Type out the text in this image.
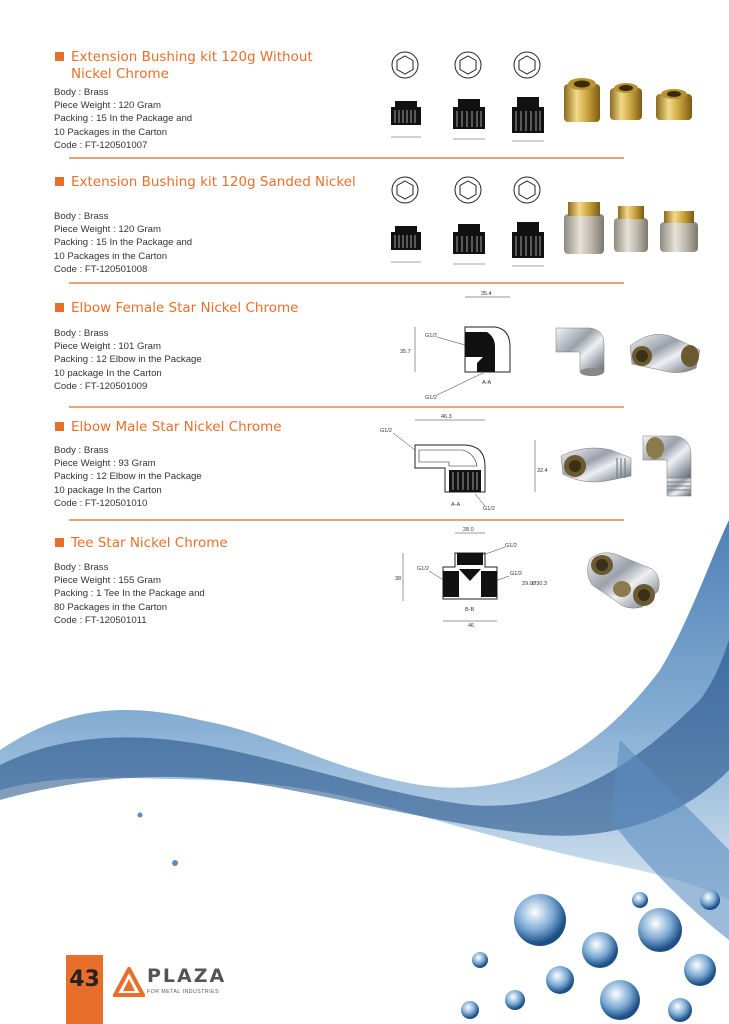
Extension Bushing kit 120g Without
Nickel Chrome
Body : Brass
Piece Weight : 120 Gram
Packing : 15 In the Package and
10 Packages in the Carton
Code : FT-120501007
Extension Bushing kit 120g Sanded Nickel
Body : Brass
Piece Weight : 120 Gram
Packing : 15 In the Package and
10 Packages in the Carton
Code : FT-120501008
Elbow Female Star Nickel Chrome
Body : Brass
Piece Weight : 101 Gram
Packing : 12 Elbow in the Package
10 package In the Carton
Code : FT-120501009
35.4
35.7
G1/2
G1/2
A-A
Elbow Male Star Nickel Chrome
Body : Brass
Piece Weight : 93 Gram
Packing : 12 Elbow in the Package
10 package In the Carton
Code : FT-120501010
46.3
G1/2
32.4
A-A
G1/2
Tee Star Nickel Chrome
Body : Brass
Piece Weight : 155 Gram
Packing : 1 Tee In the Package and
80 Packages in the Carton
Code : FT-120501011
28.0
G1/2
38
G1/2
G1/2
29.0 Ø30.3
B-B
46
43 PLAZA
FOR METAL INDUSTRIES
